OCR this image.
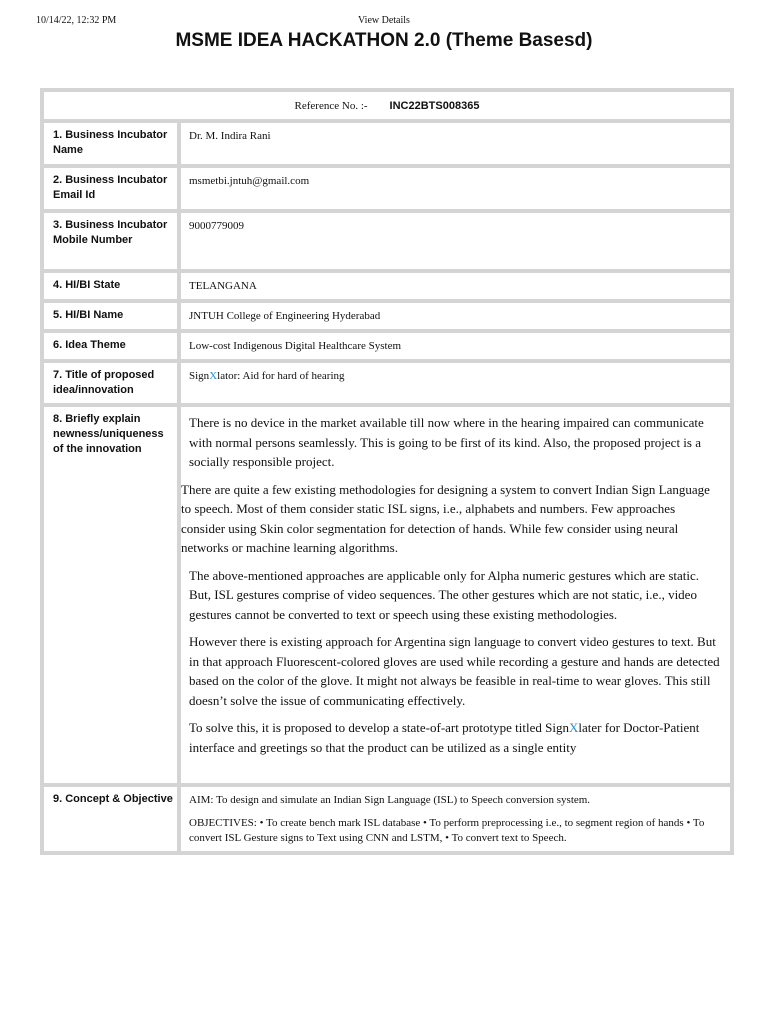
10/14/22, 12:32 PM	View Details
MSME IDEA HACKATHON 2.0 (Theme Basesd)
Reference No. :- INC22BTS008365	
1. Business Incubator Name	Dr. M. Indira Rani
2. Business Incubator Email Id	msmetbi.jntuh@gmail.com
3. Business Incubator Mobile Number	9000779009
4. HI/BI State	TELANGANA
5. HI/BI Name	JNTUH College of Engineering Hyderabad
6. Idea Theme	Low-cost Indigenous Digital Healthcare System
7. Title of proposed idea/innovation	SignXlator: Aid for hard of hearing
8. Briefly explain newness/uniqueness of the innovation	There is no device in the market available till now where in the hearing impaired can communicate with normal persons seamlessly. This is going to be first of its kind. Also, the proposed project is a socially responsible project.

There are quite a few existing methodologies for designing a system to convert Indian Sign Language to speech. Most of them consider static ISL signs, i.e., alphabets and numbers. Few approaches consider using Skin color segmentation for detection of hands. While few consider using neural networks or machine learning algorithms.

The above-mentioned approaches are applicable only for Alpha numeric gestures which are static. But, ISL gestures comprise of video sequences. The other gestures which are not static, i.e., video gestures cannot be converted to text or speech using these existing methodologies.

However there is existing approach for Argentina sign language to convert video gestures to text. But in that approach Fluorescent-colored gloves are used while recording a gesture and hands are detected based on the color of the glove. It might not always be feasible in real-time to wear gloves. This still doesn’t solve the issue of communicating effectively.

To solve this, it is proposed to develop a state-of-art prototype titled SignXlater for Doctor-Patient interface and greetings so that the product can be utilized as a single entity

9. Concept & Objective	AIM: To design and simulate an Indian Sign Language (ISL) to Speech conversion system.
OBJECTIVES: • To create bench mark ISL database • To perform preprocessing i.e., to segment region of hands • To convert ISL Gesture signs to Text using CNN and LSTM, • To convert text to Speech.
